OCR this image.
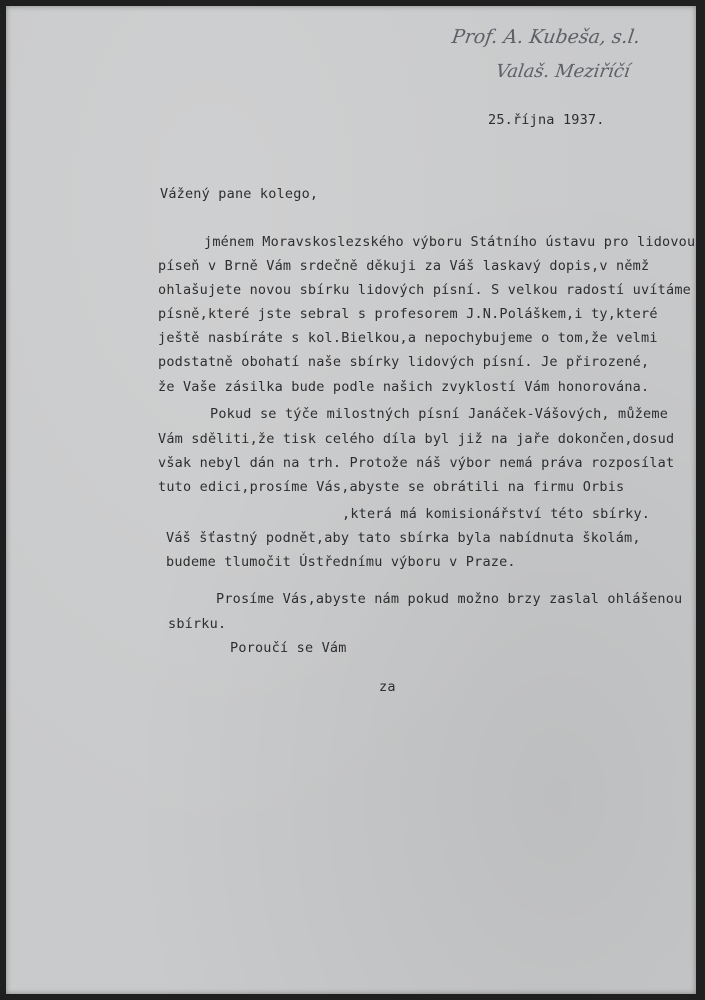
Prof. A. Kubeša, s.l.
Valaš. Meziříčí
25.října 1937.
Vážený pane kolego,
jménem Moravskoslezského výboru Státního ústavu pro lidovou
píseň v Brně Vám srdečně děkuji za Váš laskavý dopis,v němž
ohlašujete novou sbírku lidových písní. S velkou radostí uvítáme
písně,které jste sebral s profesorem J.N.Poláškem,i ty,které
ještě nasbíráte s kol.Bielkou,a nepochybujeme o tom,že velmi
podstatně obohatí naše sbírky lidových písní. Je přirozené,
že Vaše zásilka bude podle našich zvyklostí Vám honorována.
Pokud se týče milostných písní Janáček-Vášových, můžeme
Vám sděliti,že tisk celého díla byl již na jaře dokončen,dosud
však nebyl dán na trh. Protože náš výbor nemá práva rozposílat
tuto edici,prosíme Vás,abyste se obrátili na firmu Orbis
,která má komisionářství této sbírky.
Váš šťastný podnět,aby tato sbírka byla nabídnuta školám,
budeme tlumočit Ústřednímu výboru v Praze.
Prosíme Vás,abyste nám pokud možno brzy zaslal ohlášenou
sbírku.
Poroučí se Vám
za
